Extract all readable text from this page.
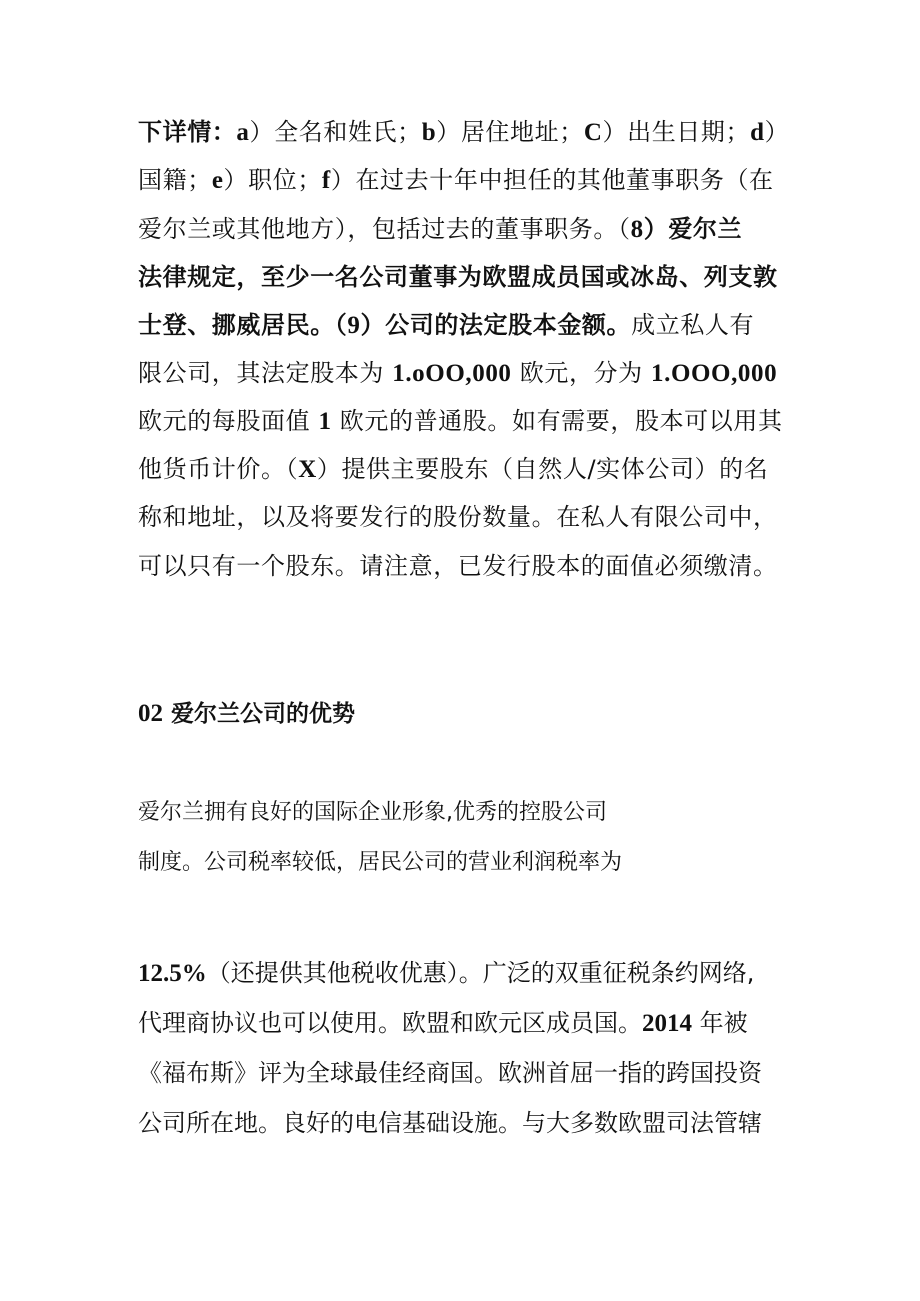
下详情：a）全名和姓氏；b）居住地址；C）出生日期；d）
国籍；e）职位；f）在过去十年中担任的其他董事职务（在
爱尔兰或其他地方），包括过去的董事职务。（8）爱尔兰
法律规定，至少一名公司董事为欧盟成员国或冰岛、列支敦
士登、挪威居民。（9）公司的法定股本金额。成立私人有
限公司，其法定股本为 1.oOO,000 欧元，分为 1.OOO,000
欧元的每股面值 1 欧元的普通股。如有需要，股本可以用其
他货币计价。（X）提供主要股东（自然人/实体公司）的名
称和地址，以及将要发行的股份数量。在私人有限公司中，
可以只有一个股东。请注意，已发行股本的面值必须缴清。
02 爱尔兰公司的优势
爱尔兰拥有良好的国际企业形象,优秀的控股公司
制度。公司税率较低，居民公司的营业利润税率为
12.5%（还提供其他税收优惠）。广泛的双重征税条约网络,
代理商协议也可以使用。欧盟和欧元区成员国。2014 年被
《福布斯》评为全球最佳经商国。欧洲首屈一指的跨国投资
公司所在地。良好的电信基础设施。与大多数欧盟司法管辖
